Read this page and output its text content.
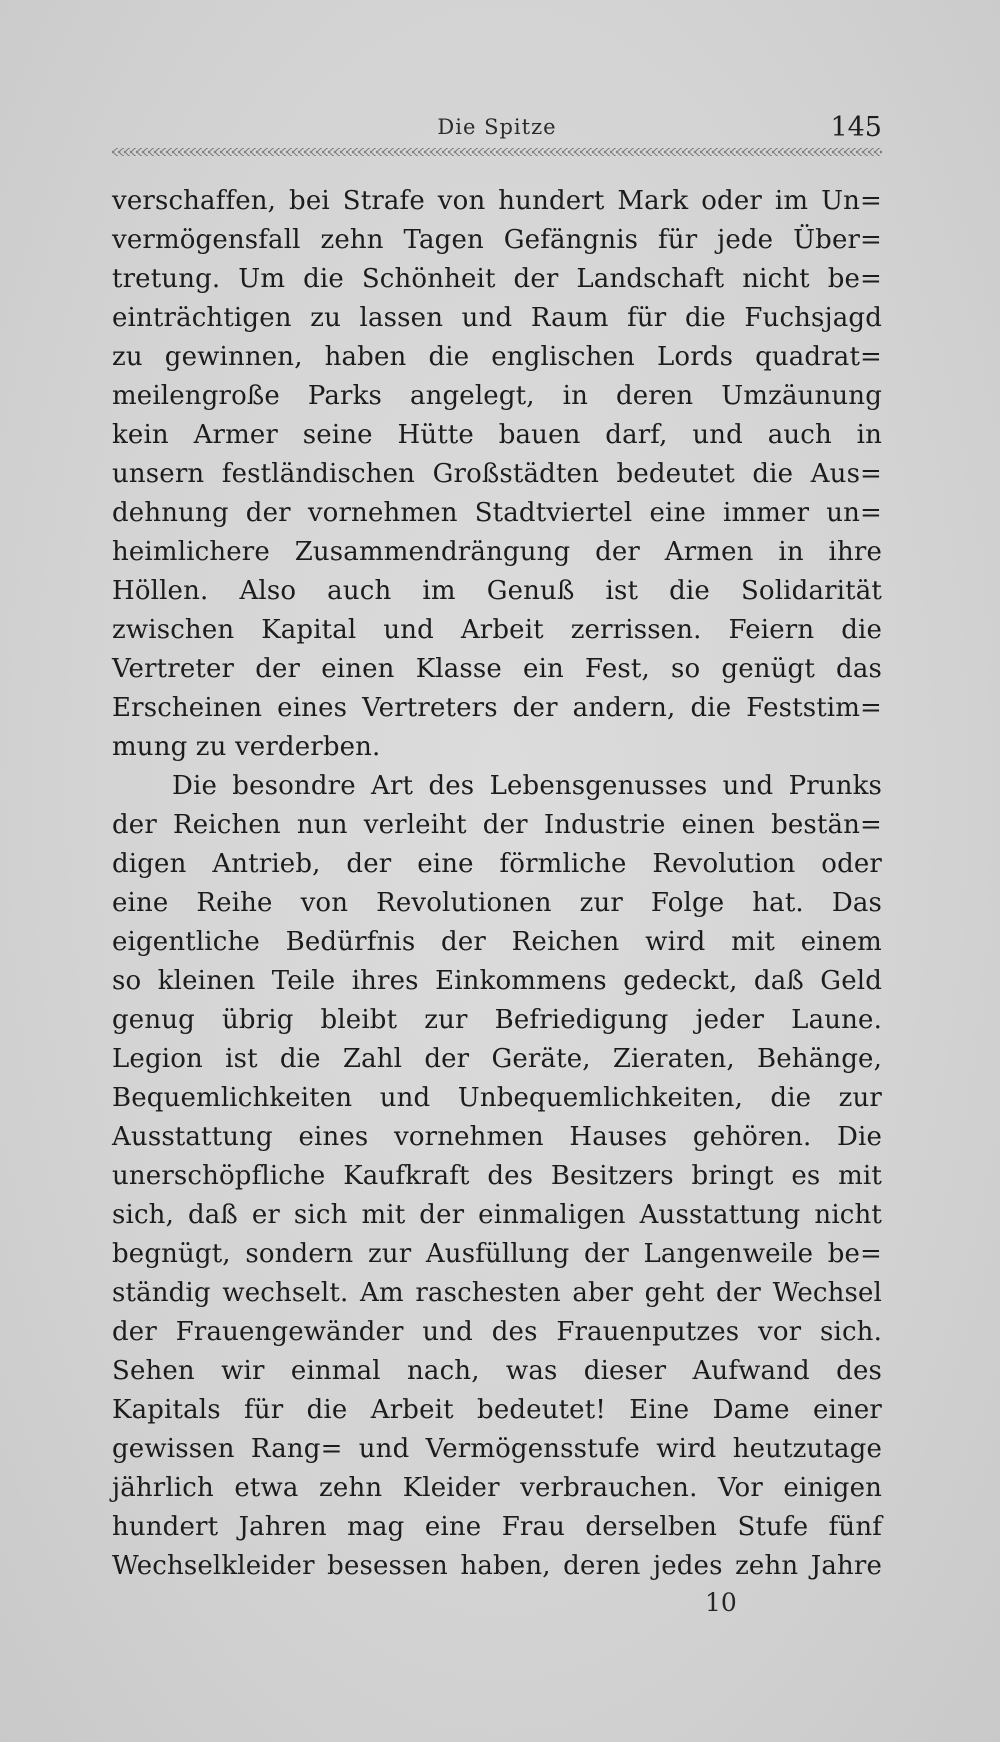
Die Spitze	145
verschaffen, bei Strafe von hundert Mark oder im Un=
vermögensfall zehn Tagen Gefängnis für jede Über=
tretung. Um die Schönheit der Landschaft nicht be=
einträchtigen zu lassen und Raum für die Fuchsjagd
zu gewinnen, haben die englischen Lords quadrat=
meilengroße Parks angelegt, in deren Umzäunung
kein Armer seine Hütte bauen darf, und auch in
unsern festländischen Großstädten bedeutet die Aus=
dehnung der vornehmen Stadtviertel eine immer un=
heimlichere Zusammendrängung der Armen in ihre
Höllen. Also auch im Genuß ist die Solidarität
zwischen Kapital und Arbeit zerrissen. Feiern die
Vertreter der einen Klasse ein Fest, so genügt das
Erscheinen eines Vertreters der andern, die Feststim=
mung zu verderben.
Die besondre Art des Lebensgenusses und Prunks
der Reichen nun verleiht der Industrie einen bestän=
digen Antrieb, der eine förmliche Revolution oder
eine Reihe von Revolutionen zur Folge hat. Das
eigentliche Bedürfnis der Reichen wird mit einem
so kleinen Teile ihres Einkommens gedeckt, daß Geld
genug übrig bleibt zur Befriedigung jeder Laune.
Legion ist die Zahl der Geräte, Zieraten, Behänge,
Bequemlichkeiten und Unbequemlichkeiten, die zur
Ausstattung eines vornehmen Hauses gehören. Die
unerschöpfliche Kaufkraft des Besitzers bringt es mit
sich, daß er sich mit der einmaligen Ausstattung nicht
begnügt, sondern zur Ausfüllung der Langenweile be=
ständig wechselt. Am raschesten aber geht der Wechsel
der Frauengewänder und des Frauenputzes vor sich.
Sehen wir einmal nach, was dieser Aufwand des
Kapitals für die Arbeit bedeutet! Eine Dame einer
gewissen Rang= und Vermögensstufe wird heutzutage
jährlich etwa zehn Kleider verbrauchen. Vor einigen
hundert Jahren mag eine Frau derselben Stufe fünf
Wechselkleider besessen haben, deren jedes zehn Jahre
10
